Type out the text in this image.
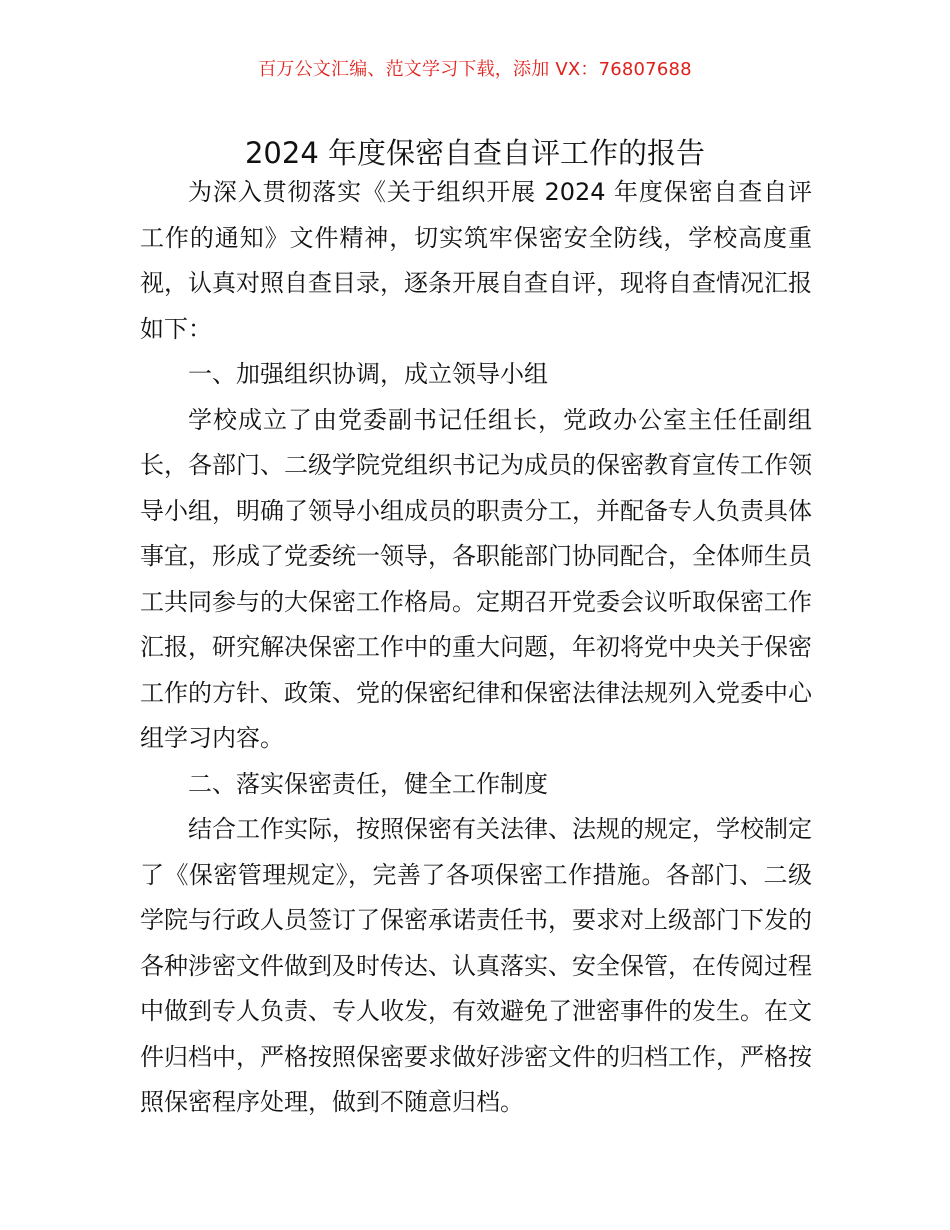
百万公文汇编、范文学习下载，添加 VX：76807688
2024 年度保密自查自评工作的报告

为深入贯彻落实《关于组织开展 2024 年度保密自查自评工作的通知》文件精神，切实筑牢保密安全防线，学校高度重视，认真对照自查目录，逐条开展自查自评，现将自查情况汇报如下：

一、加强组织协调，成立领导小组

学校成立了由党委副书记任组长，党政办公室主任任副组长，各部门、二级学院党组织书记为成员的保密教育宣传工作领导小组，明确了领导小组成员的职责分工，并配备专人负责具体事宜，形成了党委统一领导，各职能部门协同配合，全体师生员工共同参与的大保密工作格局。定期召开党委会议听取保密工作汇报，研究解决保密工作中的重大问题，年初将党中央关于保密工作的方针、政策、党的保密纪律和保密法律法规列入党委中心组学习内容。

二、落实保密责任，健全工作制度

结合工作实际，按照保密有关法律、法规的规定，学校制定了《保密管理规定》，完善了各项保密工作措施。各部门、二级学院与行政人员签订了保密承诺责任书，要求对上级部门下发的各种涉密文件做到及时传达、认真落实、安全保管，在传阅过程中做到专人负责、专人收发，有效避免了泄密事件的发生。在文件归档中，严格按照保密要求做好涉密文件的归档工作，严格按照保密程序处理，做到不随意归档。
